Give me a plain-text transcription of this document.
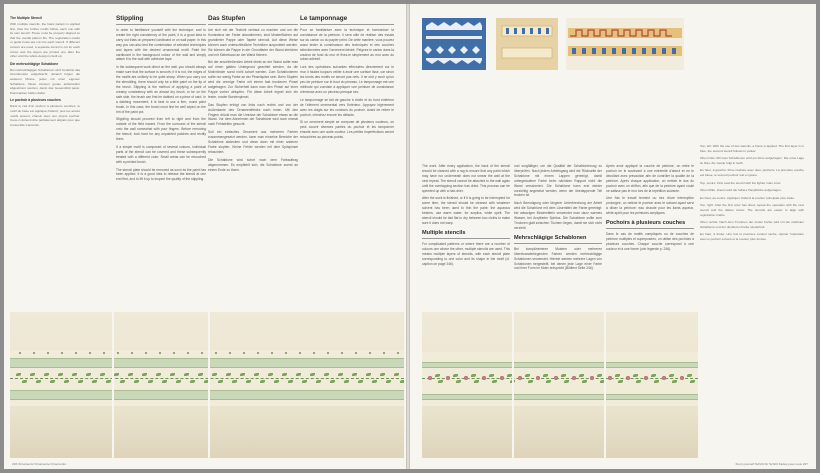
The Multiple Stencil

With multiple stencils, the basic pattern is applied first, then the further motifs follow, each one with its own stencil. These must be properly aligned so that the overall pattern fits. The registration marks or guide holes are cut into each stencil. If different colours are used, a separate stencil is cut for each colour and the layers are printed one after the other until the whole design is built up.

Die mehrschlägige Schablone

Bei mehrschlägigen Schablonen wird zunächst das Grundmuster aufgebracht, danach folgen die weiteren Motive, jedes mit einer eigenen Schablone. Diese müssen genau aufeinander abgestimmt werden, damit das Gesamtbild passt. Passmarken helfen dabei.

Le pochoir à plusieurs couches

Dans le cas d'un pochoir à plusieurs couches, le motif de base est appliqué d'abord, puis les autres motifs suivent, chacun avec son propre pochoir. Ceux-ci doivent être parfaitement alignés pour que l'ensemble s'accorde.

Stippling

In order to familiarize yourself with the technique, and to create the right consistency of the paint, it is a good idea to carry out trials on prepared cardboard or on wall paper. In this way you can also test the combination of selected techniques and layers with the desired ornamental motif. Paint the cardboard in the background colour of the wall and simply attach it to the wall with adhesive tape.

In the subsequent work direct on the wall, you should always make sure that the surface is smooth; if it is not, the edges of the motifs are unlikely to be quite sharp. When you carry out the stencilling, there should only be a little paint on the tip of the brush. Stippling is the method of applying a paint of creamy consistency with an almost dry brush, to be on the safe side, the brush can first be dabbed on a piece of card. In a dabbing movement, it is best to use a firm, round paint brush. In this case, the brush must first be well wiped on the rim of the paint pot.

Stippling should proceed from left to right and from the outside of the field inward. From the surround of the stencil onto the wall somewhat with your fingers. Before removing the stencil, look hard for any unpainted patches and rectify them.

If a simple motif is composed of several colours, individual parts of the stencil can be covered and these subsequently treated with a different color. Small areas can be retouched with a pointed brush.

The stencil plate should be removed as soon as the paint has been applied. It is a good idea to release the stencil at one end first, and to lift it up to inspect the quality of the stippling.

Das Stupfen

Um sich mit der Technik vertraut zu machen und um die Konsistenz der Farbe abzustimmen, sind Musterflächen auf grundierter Pappe oder Tapete sinnvoll. Auf diese Weise können auch unterschiedliche Techniken ausprobiert werden. Sie können die Pappe in der Grundfarbe der Wand streichen und mit Klebeband an der Wand fixieren.

Bei der anschließenden Arbeit direkt an der Wand sollte man auf einen glatten Untergrund geachtet werden, da die Motivränder sonst nicht scharf werden. Zum Schablonieren sollte nur wenig Farbe an der Pinselspitze sein. Beim Stupfen wird die cremige Farbe mit einem fast trockenen Pinsel aufgetragen. Zur Sicherheit kann man den Pinsel auf einer Pappe vorher abtupfen. Für diese Arbeit eignet sich ein fester, runder Borstenpinsel.

Das Stupfen erfolgt von links nach rechts und von der Außenkante des Ornamentfeldes nach innen. Mit den Fingern drückt man die Umrisse der Schablone etwas an die Wand. Vor dem Abnehmen der Schablone wird noch einmal nach Fehlstellen gesucht.

Soll ein einfaches Ornament aus mehreren Farben zusammengesetzt werden, kann man einzelne Bereiche der Schablone abdecken und diese dann mit einer anderen Farbe stupfen. Kleine Fehler werden mit dem Spitzpinsel retuschiert.

Die Schablone wird sofort nach dem Farbauftrag abgenommen. Es empfiehlt sich, die Schablone zuerst an einem Ende zu lösen.

Le tamponnage

Pour se familiariser avec la technique et harmoniser la consistance de la peinture, il sera utile de réaliser des essais sur du carton ou du papier peint. De cette manière, vous pouvez aussi tester la combinaison des techniques et des couches sélectionnées avec l'ornement désiré. Peignez le carton dans la couleur de fond du mur et fixez-le simplement au mur avec du ruban adhésif.

Lors des opérations suivantes effectuées directement sur le mur, il faudra toujours veiller à avoir une surface lisse, car sinon les bords des motifs ne seront pas nets. Il ne doit y avoir qu'un peu de peinture sur le bout du pinceau. Le tamponnage est une méthode qui consiste à appliquer une peinture de consistance crémeuse avec un pinceau presque sec.

Le tamponnage se fait de gauche à droite et du bord extérieur de l'élément ornemental vers l'intérieur. Appuyez légèrement avec les doigts sur les contours du pochoir. Avant de retirer le pochoir, cherchez encore les défauts.

Si un ornement simple se compose de plusieurs couleurs, on peut couvrir diverses parties du pochoir et les tamponner ensuite avec une autre couleur. Les petites imperfections seront retouchées au pinceau pointu.

246 Ornaments Ornamente Ornements

The work. After every application, the back of the stencil should be cleaned with a rag to ensure that any paint which may have run underneath does not smear the wall at the next repeat. The stencil cannot be attached to the wall again until the overlapping section has dried. This process can be speeded up with a hair-drier.

After the work is finished, or if it is going to be interrupted for some time, the stencil should be cleaned with whatever solvent has been used to thin the paint: the aqueous binders, use warm water; for acrylics, white spirit. The stencil should be laid flat to dry between two cloths to make sure it does not warp.

Multiple stencils

For complicated patterns or where there are a number of colours one above the other, multiple stencils are used. This means multiple layers of stencils, with each stencil plate corresponding to one color and its shape in the motif (cf. caption on page 246).

und sorgfältiger, um die Qualität der Schablonierung zu überprüfen. Nach jedem Arbeitsgang wird die Rückseite der Schablone mit einem Lappen gereinigt, damit untergelaufene Farbe beim nächsten Rapport nicht die Wand verschmiert. Die Schablone kann erst wieder vorsichtig angesetzt werden, wenn der überlappende Teil trocken ist.

Nach Beendigung oder längerer Unterbrechung der Arbeit wird die Schablone mit dem Lösemittel der Farbe gereinigt: bei wässrigen Bindemitteln verwendet man dazu warmes Wasser, bei Acrylfarbe Spiritus. Die Schablone sollte zum Trocknen glatt zwischen Tüchern liegen, damit sie sich nicht verzieht.

Mehrschlägige Schablonen

Bei komplizierteren Mustern oder mehreren übereinanderliegenden Farben werden mehrschlägige Schablonen verwendet. Hierbei werden mehrere Lagen von Schablonen hergestellt, bei denen jede Lage einer Farbe und ihrer Form im Motiv entspricht (Bildtext Seite 246).

Après avoir appliqué la couche de peinture, on retire le pochoir en le soulevant à une extrémité d'abord et en le décollant avec précaution afin de contrôler la qualité de la peinture. Après chaque application, on nettoie le dos du pochoir avec un chiffon, afin que de la peinture ayant coulé ne salisse pas le mur lors de la répétition suivante.

Une fois le travail terminé ou lors d'une interruption prolongée, on nettoie le pochoir avec le solvant ayant servi à diluer la peinture: eau chaude pour les liants aqueux, white-spirit pour les peintures acryliques.

Pochoirs à plusieurs couches

Dans le cas de motifs compliqués ou de couches de peinture multiples et superposées, on utilise des pochoirs à plusieurs couches. Chaque couche correspond à une couleur et à une forme (voir légende p. 246).

Top, left: With the use of two stencils, a frieze is applied. The first layer is in blue, the second stencil follows in yellow.

Oben links: Mit zwei Schablonen wird ein Fries aufgetragen. Die erste Lage ist blau, die zweite folgt in Gelb.

En haut, à gauche: Frise réalisée avec deux pochoirs. La première couche est bleue, le second pochoir suit en jaune.

Top, centre: First coat the stencil with the lighter main color.

Oben Mitte: Zuerst wird die hellere Hauptfarbe aufgetragen.

En haut, au centre: Appliquer d'abord la couleur principale plus claire.

Top, right: After the first color has dried, repeat the operation with the next stencil and the darker colour. The stencils are easier to align with registration marks.

Oben rechts: Nach dem Trocknen der ersten Farbe wird mit der nächsten Schablone und der dunkleren Farbe wiederholt.

En haut, à droite: Une fois la première couleur sèche, répéter l'opération avec le pochoir suivant et la couleur plus foncée.

Do-It-yourself Schritt für Schritt Faites-pour-vous 247
